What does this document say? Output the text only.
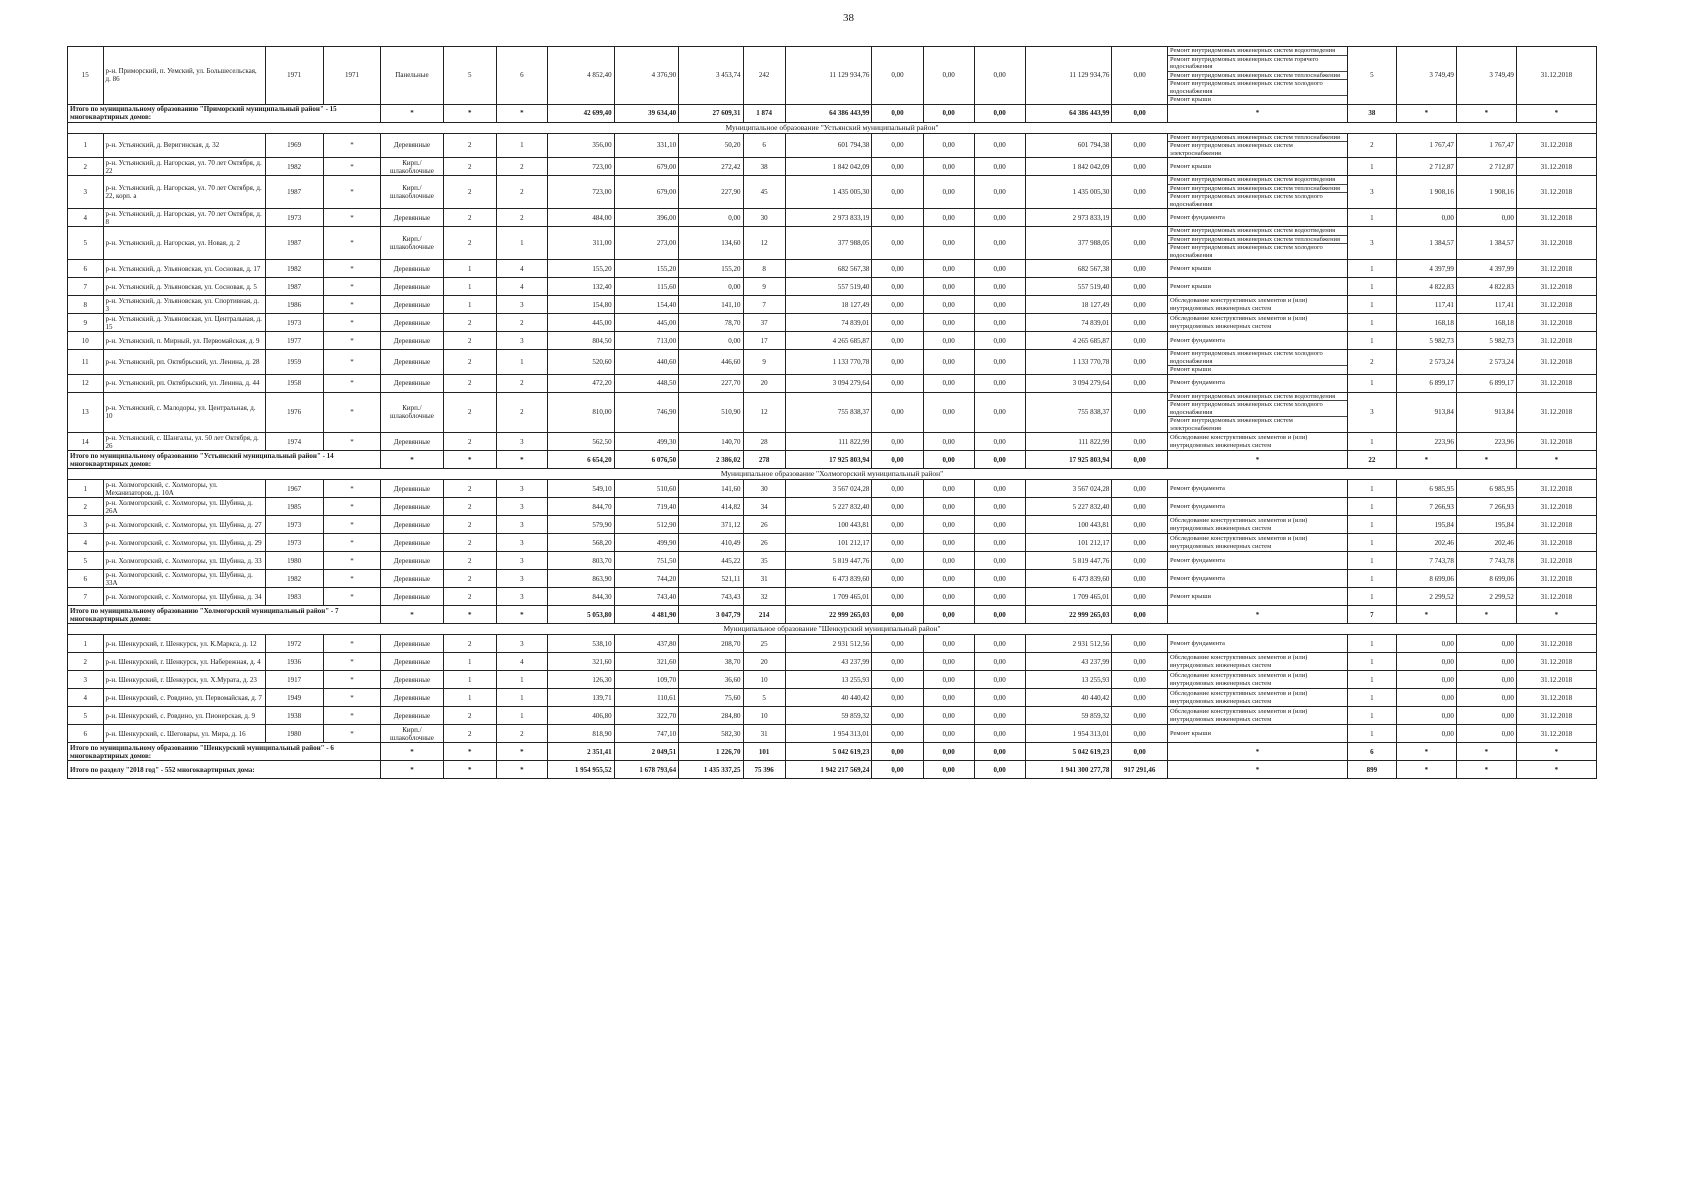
38
15	р-н. Приморский, п. Уемский, ул. Большесельская, д. 86	1971	1971	Панельные	5	6	4 852,40	4 376,90	3 453,74	242	11 129 934,76	0,00	0,00	0,00	11 129 934,76	0,00	Ремонт внутридомовых инженерных систем водоотведения
Ремонт внутридомовых инженерных систем горячего водоснабжения
Ремонт внутридомовых инженерных систем теплоснабжения
Ремонт внутридомовых инженерных систем холодного водоснабжения
Ремонт крыши	5	3 749,49	3 749,49	31.12.2018
Итого по муниципальному образованию "Приморский муниципальный район" - 15 многоквартирных домов:				*	*	*	42 699,40	39 634,40	27 609,31	1 874	64 386 443,99	0,00	0,00	0,00	64 386 443,99	0,00	*	38	*	*	*
Муниципальное образование "Устьянский муниципальный район"																					
1	р-н. Устьянский, д. Веригинская, д. 32	1969	*	Деревянные	2	1	356,00	331,10	50,20	6	601 794,38	0,00	0,00	0,00	601 794,38	0,00	Ремонт внутридомовых инженерных систем теплоснабжения
Ремонт внутридомовых инженерных систем электроснабжения	2	1 767,47	1 767,47	31.12.2018
2	р-н. Устьянский, д. Нагорская, ул. 70 лет Октября, д. 22	1982	*	Кирп./шлакоблочные	2	2	723,00	679,00	272,42	38	1 842 042,09	0,00	0,00	0,00	1 842 042,09	0,00	Ремонт крыши	1	2 712,87	2 712,87	31.12.2018
3	р-н. Устьянский, д. Нагорская, ул. 70 лет Октября, д. 22, корп. а	1987	*	Кирп./шлакоблочные	2	2	723,00	679,00	227,90	45	1 435 005,30	0,00	0,00	0,00	1 435 005,30	0,00	Ремонт внутридомовых инженерных систем водоотведения
Ремонт внутридомовых инженерных систем теплоснабжения
Ремонт внутридомовых инженерных систем холодного водоснабжения	3	1 908,16	1 908,16	31.12.2018
4	р-н. Устьянский, д. Нагорская, ул. 70 лет Октября, д. 8	1973	*	Деревянные	2	2	484,00	396,00	0,00	30	2 973 833,19	0,00	0,00	0,00	2 973 833,19	0,00	Ремонт фундамента	1	0,00	0,00	31.12.2018
5	р-н. Устьянский, д. Нагорская, ул. Новая, д. 2	1987	*	Кирп./шлакоблочные	2	1	311,00	273,00	134,60	12	377 988,05	0,00	0,00	0,00	377 988,05	0,00	Ремонт внутридомовых инженерных систем водоотведения
Ремонт внутридомовых инженерных систем теплоснабжения
Ремонт внутридомовых инженерных систем холодного водоснабжения	3	1 384,57	1 384,57	31.12.2018
6	р-н. Устьянский, д. Ульяновская, ул. Сосновая, д. 17	1982	*	Деревянные	1	4	155,20	155,20	155,20	8	682 567,38	0,00	0,00	0,00	682 567,38	0,00	Ремонт крыши	1	4 397,99	4 397,99	31.12.2018
7	р-н. Устьянский, д. Ульяновская, ул. Сосновая, д. 5	1987	*	Деревянные	1	4	132,40	115,60	0,00	9	557 519,40	0,00	0,00	0,00	557 519,40	0,00	Ремонт крыши	1	4 822,83	4 822,83	31.12.2018
8	р-н. Устьянский, д. Ульяновская, ул. Спортивная, д. 3	1986	*	Деревянные	1	3	154,80	154,40	141,10	7	18 127,49	0,00	0,00	0,00	18 127,49	0,00	Обследование конструктивных элементов и (или) внутридомовых инженерных систем	1	117,41	117,41	31.12.2018
9	р-н. Устьянский, д. Ульяновская, ул. Центральная, д. 15	1973	*	Деревянные	2	2	445,00	445,00	78,70	37	74 839,01	0,00	0,00	0,00	74 839,01	0,00	Обследование конструктивных элементов и (или) внутридомовых инженерных систем	1	168,18	168,18	31.12.2018
10	р-н. Устьянский, п. Мирный, ул. Первомайская, д. 9	1977	*	Деревянные	2	3	804,50	713,00	0,00	17	4 265 685,87	0,00	0,00	0,00	4 265 685,87	0,00	Ремонт фундамента	1	5 982,73	5 982,73	31.12.2018
11	р-н. Устьянский, рп. Октябрьский, ул. Ленина, д. 28	1959	*	Деревянные	2	1	520,60	440,60	446,60	9	1 133 770,78	0,00	0,00	0,00	1 133 770,78	0,00	Ремонт внутридомовых инженерных систем холодного водоснабжения
Ремонт крыши	2	2 573,24	2 573,24	31.12.2018
12	р-н. Устьянский, рп. Октябрьский, ул. Ленина, д. 44	1958	*	Деревянные	2	2	472,20	448,50	227,70	20	3 094 279,64	0,00	0,00	0,00	3 094 279,64	0,00	Ремонт фундамента	1	6 899,17	6 899,17	31.12.2018
13	р-н. Устьянский, с. Малодоры, ул. Центральная, д. 10	1976	*	Кирп./шлакоблочные	2	2	810,00	746,90	510,90	12	755 838,37	0,00	0,00	0,00	755 838,37	0,00	Ремонт внутридомовых инженерных систем водоотведения
Ремонт внутридомовых инженерных систем холодного водоснабжения
Ремонт внутридомовых инженерных систем электроснабжения	3	913,84	913,84	31.12.2018
14	р-н. Устьянский, с. Шангалы, ул. 50 лет Октября, д. 26	1974	*	Деревянные	2	3	562,50	499,30	140,70	28	111 822,99	0,00	0,00	0,00	111 822,99	0,00	Обследование конструктивных элементов и (или) внутридомовых инженерных систем	1	223,96	223,96	31.12.2018
Итого по муниципальному образованию "Устьянский муниципальный район" - 14 многоквартирных домов:				*	*	*	6 654,20	6 076,50	2 386,02	278	17 925 803,94	0,00	0,00	0,00	17 925 803,94	0,00	*	22	*	*	*
Муниципальное образование "Холмогорский муниципальный район"																					
1	р-н. Холмогорский, с. Холмогоры, ул. Механизаторов, д. 10А	1967	*	Деревянные	2	3	549,10	510,60	141,60	30	3 567 024,28	0,00	0,00	0,00	3 567 024,28	0,00	Ремонт фундамента	1	6 985,95	6 985,95	31.12.2018
2	р-н. Холмогорский, с. Холмогоры, ул. Шубина, д. 26А	1985	*	Деревянные	2	3	844,70	719,40	414,82	34	5 227 832,40	0,00	0,00	0,00	5 227 832,40	0,00	Ремонт фундамента	1	7 266,93	7 266,93	31.12.2018
3	р-н. Холмогорский, с. Холмогоры, ул. Шубина, д. 27	1973	*	Деревянные	2	3	579,90	512,90	371,12	26	100 443,81	0,00	0,00	0,00	100 443,81	0,00	Обследование конструктивных элементов и (или) внутридомовых инженерных систем	1	195,84	195,84	31.12.2018
4	р-н. Холмогорский, с. Холмогоры, ул. Шубина, д. 29	1973	*	Деревянные	2	3	568,20	499,90	410,49	26	101 212,17	0,00	0,00	0,00	101 212,17	0,00	Обследование конструктивных элементов и (или) внутридомовых инженерных систем	1	202,46	202,46	31.12.2018
5	р-н. Холмогорский, с. Холмогоры, ул. Шубина, д. 33	1980	*	Деревянные	2	3	803,70	751,50	445,22	35	5 819 447,76	0,00	0,00	0,00	5 819 447,76	0,00	Ремонт фундамента	1	7 743,78	7 743,78	31.12.2018
6	р-н. Холмогорский, с. Холмогоры, ул. Шубина, д. 33А	1982	*	Деревянные	2	3	863,90	744,20	521,11	31	6 473 839,60	0,00	0,00	0,00	6 473 839,60	0,00	Ремонт фундамента	1	8 699,06	8 699,06	31.12.2018
7	р-н. Холмогорский, с. Холмогоры, ул. Шубина, д. 34	1983	*	Деревянные	2	3	844,30	743,40	743,43	32	1 709 465,01	0,00	0,00	0,00	1 709 465,01	0,00	Ремонт крыши	1	2 299,52	2 299,52	31.12.2018
Итого по муниципальному образованию "Холмогорский муниципальный район" - 7 многоквартирных домов:				*	*	*	5 053,80	4 481,90	3 047,79	214	22 999 265,03	0,00	0,00	0,00	22 999 265,03	0,00	*	7	*	*	*
Муниципальное образование "Шенкурский муниципальный район"																					
1	р-н. Шенкурский, г. Шенкурск, ул. К.Маркса, д. 12	1972	*	Деревянные	2	3	538,10	437,80	208,70	25	2 931 512,56	0,00	0,00	0,00	2 931 512,56	0,00	Ремонт фундамента	1	0,00	0,00	31.12.2018
2	р-н. Шенкурский, г. Шенкурск, ул. Набережная, д. 4	1936	*	Деревянные	1	4	321,60	321,60	38,70	20	43 237,99	0,00	0,00	0,00	43 237,99	0,00	Обследование конструктивных элементов и (или) внутридомовых инженерных систем	1	0,00	0,00	31.12.2018
3	р-н. Шенкурский, г. Шенкурск, ул. Х.Мурата, д. 23	1917	*	Деревянные	1	1	126,30	109,70	36,60	10	13 255,93	0,00	0,00	0,00	13 255,93	0,00	Обследование конструктивных элементов и (или) внутридомовых инженерных систем	1	0,00	0,00	31.12.2018
4	р-н. Шенкурский, с. Ровдино, ул. Первомайская, д. 7	1949	*	Деревянные	1	1	139,71	110,61	75,60	5	40 440,42	0,00	0,00	0,00	40 440,42	0,00	Обследование конструктивных элементов и (или) внутридомовых инженерных систем	1	0,00	0,00	31.12.2018
5	р-н. Шенкурский, с. Ровдино, ул. Пионерская, д. 9	1938	*	Деревянные	2	1	406,80	322,70	284,80	10	59 859,32	0,00	0,00	0,00	59 859,32	0,00	Обследование конструктивных элементов и (или) внутридомовых инженерных систем	1	0,00	0,00	31.12.2018
6	р-н. Шенкурский, с. Шеговары, ул. Мира, д. 16	1980	*	Кирп./шлакоблочные	2	2	818,90	747,10	582,30	31	1 954 313,01	0,00	0,00	0,00	1 954 313,01	0,00	Ремонт крыши	1	0,00	0,00	31.12.2018
Итого по муниципальному образованию "Шенкурский муниципальный район" - 6 многоквартирных домов:				*	*	*	2 351,41	2 049,51	1 226,70	101	5 042 619,23	0,00	0,00	0,00	5 042 619,23	0,00	*	6	*	*	*
Итого по разделу "2018 год" - 552 многоквартирных дома:				*	*	*	1 954 955,52	1 678 793,64	1 435 337,25	75 396	1 942 217 569,24	0,00	0,00	0,00	1 941 300 277,78	917 291,46	*	899	*	*	*
